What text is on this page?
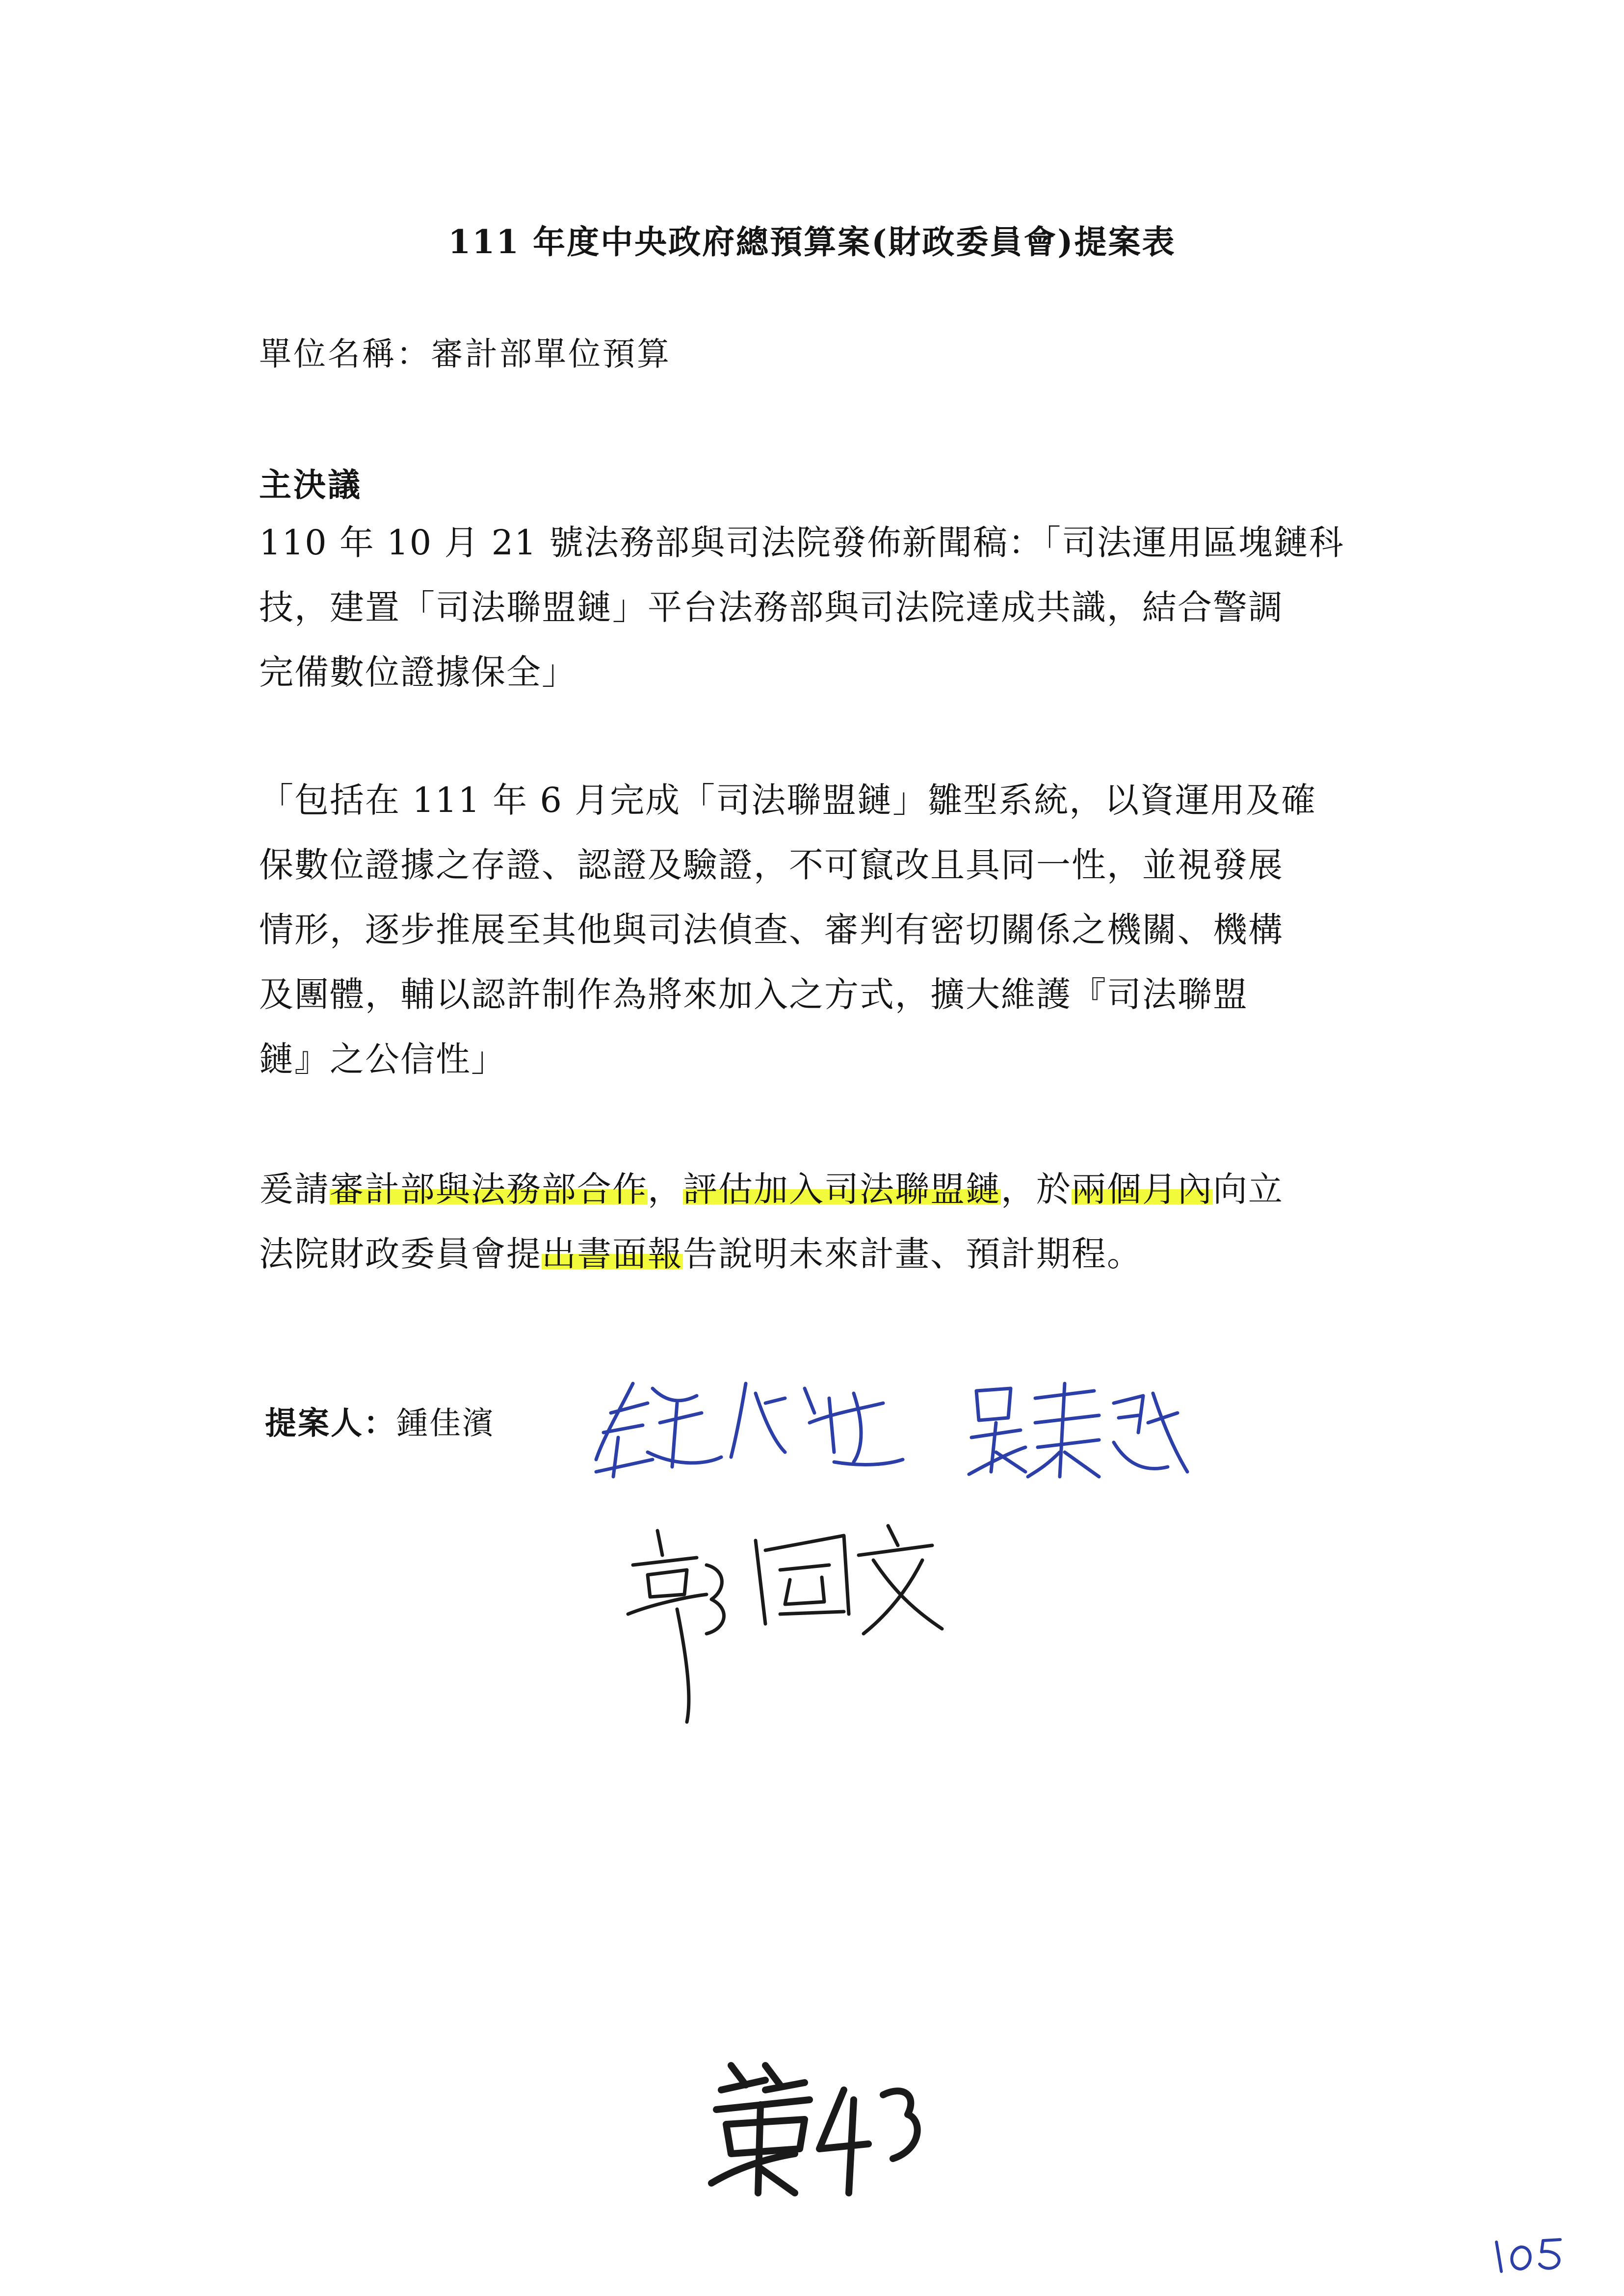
111 年度中央政府總預算案(財政委員會)提案表
單位名稱：審計部單位預算
主決議
110 年 10 月 21 號法務部與司法院發佈新聞稿：「司法運用區塊鏈科
技，建置「司法聯盟鏈」平台法務部與司法院達成共識，結合警調
完備數位證據保全」
「包括在 111 年 6 月完成「司法聯盟鏈」雛型系統，以資運用及確
保數位證據之存證、認證及驗證，不可竄改且具同一性，並視發展
情形，逐步推展至其他與司法偵查、審判有密切關係之機關、機構
及團體，輔以認許制作為將來加入之方式，擴大維護『司法聯盟
鏈』之公信性」
爰請審計部與法務部合作，評估加入司法聯盟鏈，於兩個月內向立
法院財政委員會提出書面報告說明未來計畫、預計期程。
提案人：鍾佳濱
